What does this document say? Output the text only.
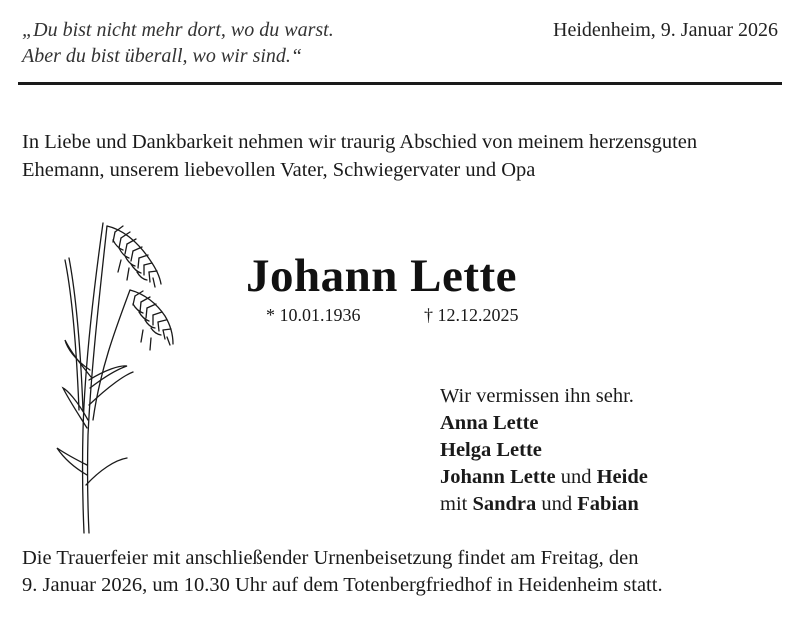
„Du bist nicht mehr dort, wo du warst.
Aber du bist überall, wo wir sind.“
Heidenheim, 9. Januar 2026
In Liebe und Dankbarkeit nehmen wir traurig Abschied von meinem herzensguten
Ehemann, unserem liebevollen Vater, Schwiegervater und Opa
Johann Lette
* 10.01.1936	† 12.12.2025
Wir vermissen ihn sehr.
Anna Lette
Helga Lette
Johann Lette und Heide
mit Sandra und Fabian
Die Trauerfeier mit anschließender Urnenbeisetzung findet am Freitag, den
9. Januar 2026, um 10.30 Uhr auf dem Totenbergfriedhof in Heidenheim statt.
